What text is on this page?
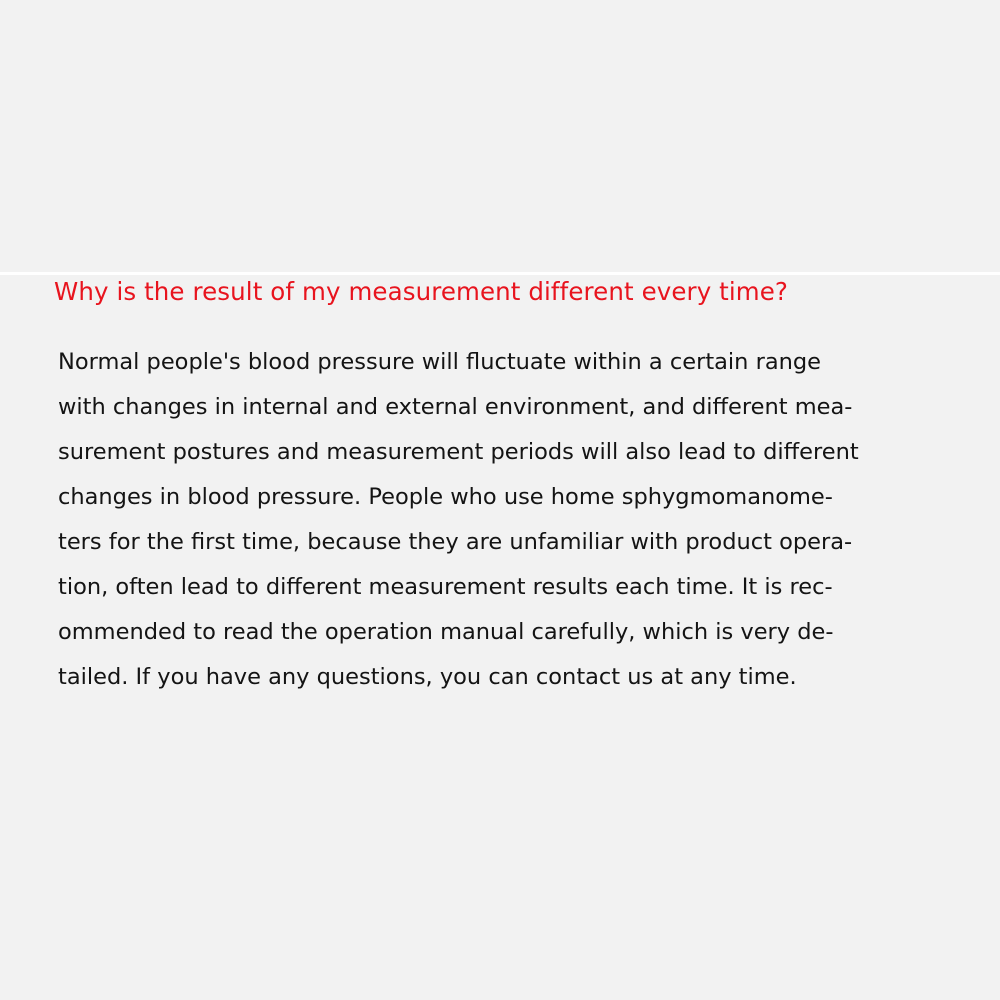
Why is the result of my measurement different every time?
Normal people's blood pressure will fluctuate within a certain range
with changes in internal and external environment, and different mea-
surement postures and measurement periods will also lead to different
changes in blood pressure. People who use home sphygmomanome-
ters for the first time, because they are unfamiliar with product opera-
tion, often lead to different measurement results each time. It is rec-
ommended to read the operation manual carefully, which is very de-
tailed. If you have any questions, you can contact us at any time.
